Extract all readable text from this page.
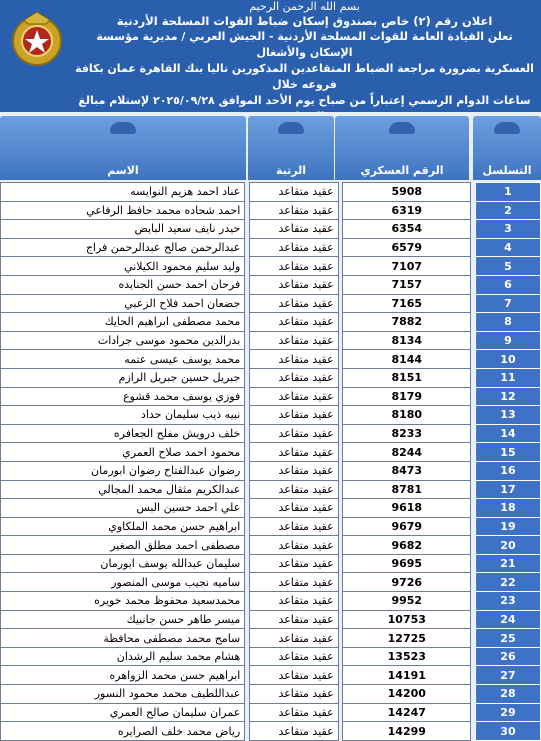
بسم الله الرحمن الرحيم
اعلان رقم (٢) خاص بصندوق إسكان ضباط القوات المسلحة الأردنية
تعلن القيادة العامة للقوات المسلحة الأردنية - الجيش العربي / مديرية مؤسسة الإسكان والأشغال
العسكرية بضرورة مراجعة الضباط المتقاعدين المذكورين تاليا بنك القاهرة عمان بكافة فروعه خلال
ساعات الدوام الرسمي إعتباراً من صباح يوم الأحد الموافق ٢٠٢٥/٠٩/٢٨ لإستلام مبالغ
التسلسل
الرقم العسكري
الرتبة
الاسم
1		5908		عقيد متقاعد		عناد احمد هزيم النوايسه
2		6319		عقيد متقاعد		احمد شحاده محمد حافظ الرفاعي
3		6354		عقيد متقاعد		حيدر نايف سعيد البايض
4		6579		عقيد متقاعد		عبدالرحمن صالح عبدالرحمن فراج
5		7107		عقيد متقاعد		وليد سليم محمود الكيلاني
6		7157		عقيد متقاعد		فرحان احمد حسن الجنايده
7		7165		عقيد متقاعد		جضعان احمد فلاح الزعبي
8		7882		عقيد متقاعد		محمد مصطفى ابراهيم الحايك
9		8134		عقيد متقاعد		بدرالدين محمود موسى جرادات
10		8144		عقيد متقاعد		محمد يوسف عيسى عتمه
11		8151		عقيد متقاعد		جبريل حسين جبريل الرازم
12		8179		عقيد متقاعد		فوزي يوسف محمد قشوع
13		8180		عقيد متقاعد		نبيه ذيب سليمان حداد
14		8233		عقيد متقاعد		خلف درويش مفلح الجعافره
15		8244		عقيد متقاعد		محمود احمد صلاح العمري
16		8473		عقيد متقاعد		رضوان عبدالفتاح رضوان ابورمان
17		8781		عقيد متقاعد		عبدالكريم مثقال محمد المجالي
18		9618		عقيد متقاعد		علي احمد حسين البس
19		9679		عقيد متقاعد		ابراهيم حسن محمد الملكاوي
20		9682		عقيد متقاعد		مصطفى احمد مطلق الصغير
21		9695		عقيد متقاعد		سليمان عبدالله يوسف ابورمان
22		9726		عقيد متقاعد		ساميه نجيب موسى المنصور
23		9952		عقيد متقاعد		محمدسعيد محفوظ محمد خويره
24		10753		عقيد متقاعد		ميسر طاهر حسن جانبيك
25		12725		عقيد متقاعد		سامح محمد مصطفى محافظة
26		13523		عقيد متقاعد		هشام محمد سليم الرشدان
27		14191		عقيد متقاعد		ابراهيم حسن محمد الزواهره
28		14200		عقيد متقاعد		عبداللطيف محمد محمود النسور
29		14247		عقيد متقاعد		عمران سليمان صالح العمري
30		14299		عقيد متقاعد		رياض محمد خلف الصرايره
